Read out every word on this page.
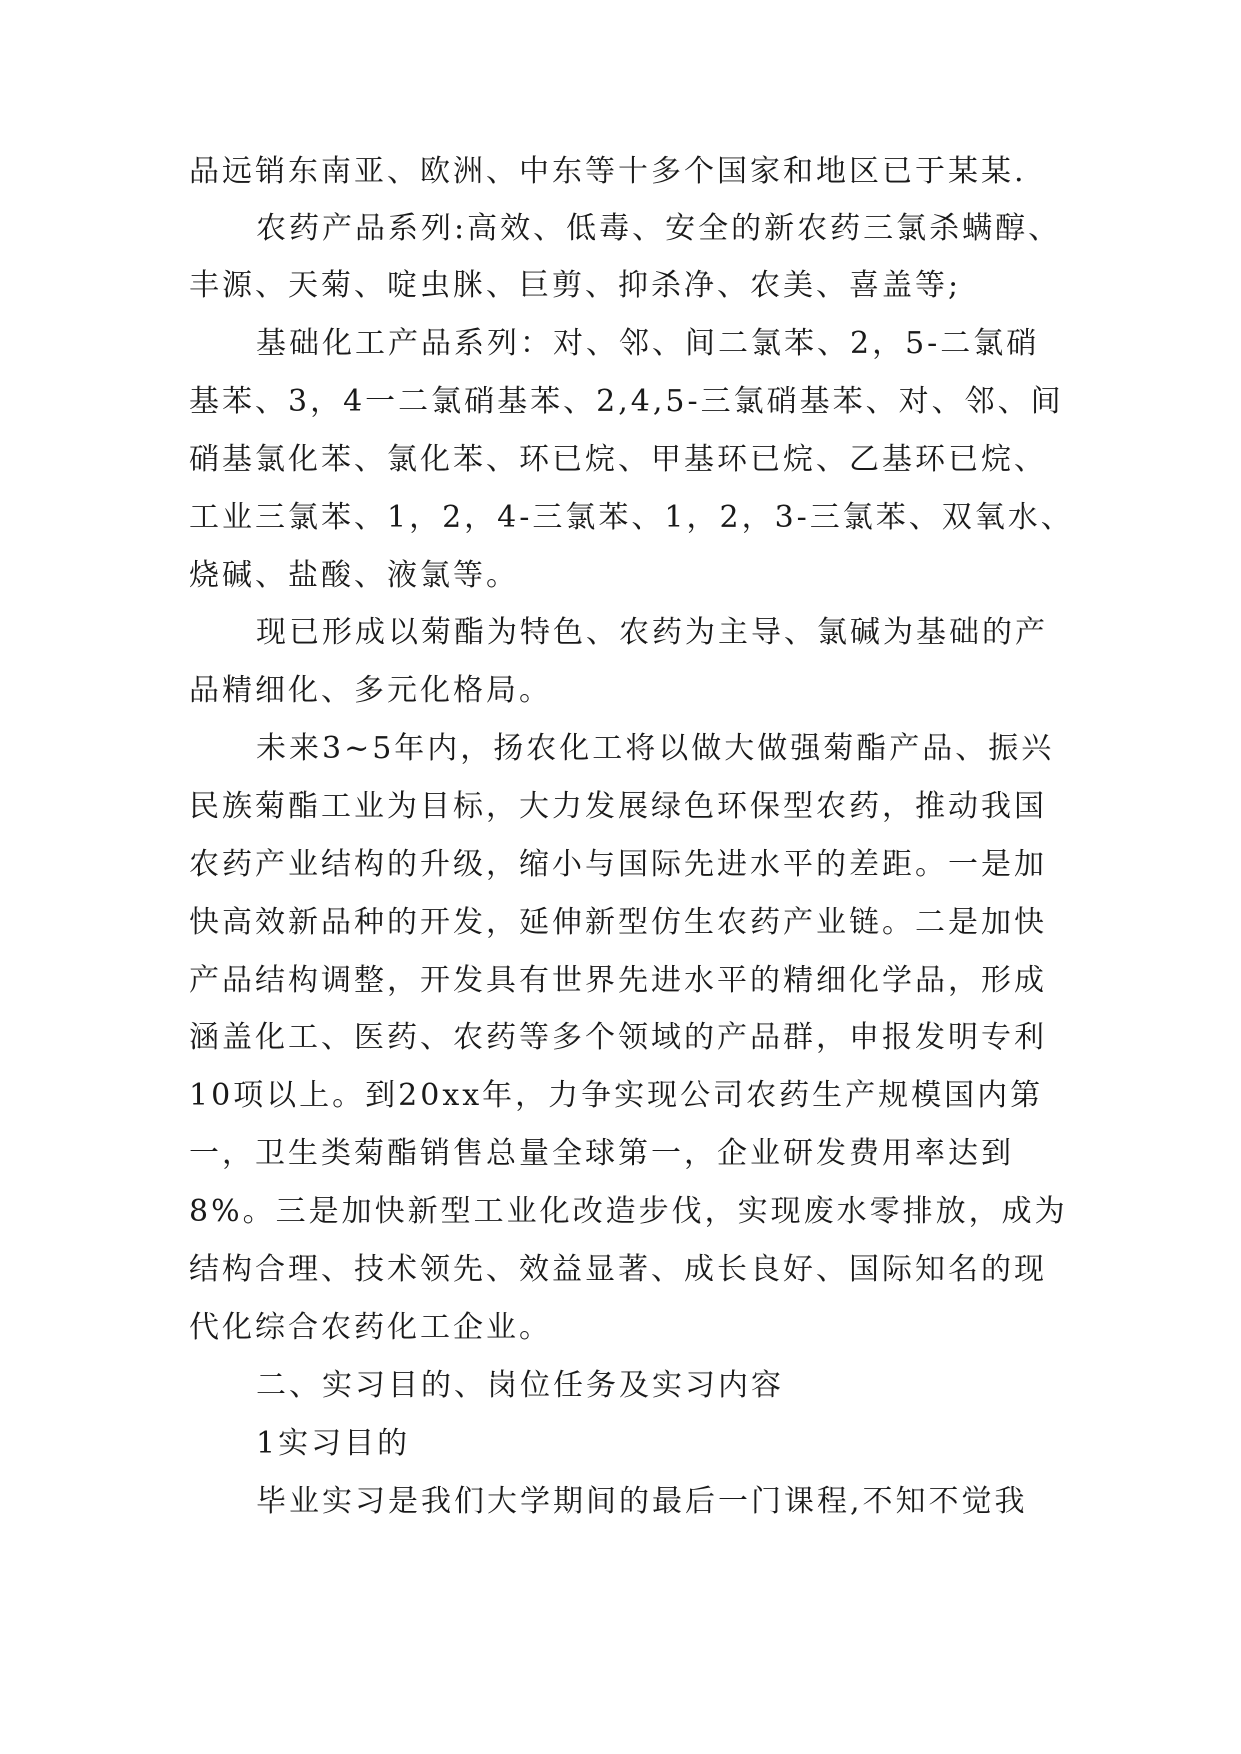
品远销东南亚、欧洲、中东等十多个国家和地区已于某某.
农药产品系列:高效、低毒、安全的新农药三氯杀螨醇、
丰源、天菊、啶虫脒、巨剪、抑杀净、农美、喜盖等;
基础化工产品系列：对、邻、间二氯苯、2，5-二氯硝
基苯、3，4一二氯硝基苯、2,4,5-三氯硝基苯、对、邻、间
硝基氯化苯、氯化苯、环已烷、甲基环已烷、乙基环已烷、
工业三氯苯、1，2，4-三氯苯、1，2，3-三氯苯、双氧水、
烧碱、盐酸、液氯等。
现已形成以菊酯为特色、农药为主导、氯碱为基础的产
品精细化、多元化格局。
未来3~5年内，扬农化工将以做大做强菊酯产品、振兴
民族菊酯工业为目标，大力发展绿色环保型农药，推动我国
农药产业结构的升级，缩小与国际先进水平的差距。一是加
快高效新品种的开发，延伸新型仿生农药产业链。二是加快
产品结构调整，开发具有世界先进水平的精细化学品，形成
涵盖化工、医药、农药等多个领域的产品群，申报发明专利
10项以上。到20xx年，力争实现公司农药生产规模国内第
一，卫生类菊酯销售总量全球第一，企业研发费用率达到
8%。三是加快新型工业化改造步伐，实现废水零排放，成为
结构合理、技术领先、效益显著、成长良好、国际知名的现
代化综合农药化工企业。
二、实习目的、岗位任务及实习内容
1实习目的
毕业实习是我们大学期间的最后一门课程,不知不觉我
